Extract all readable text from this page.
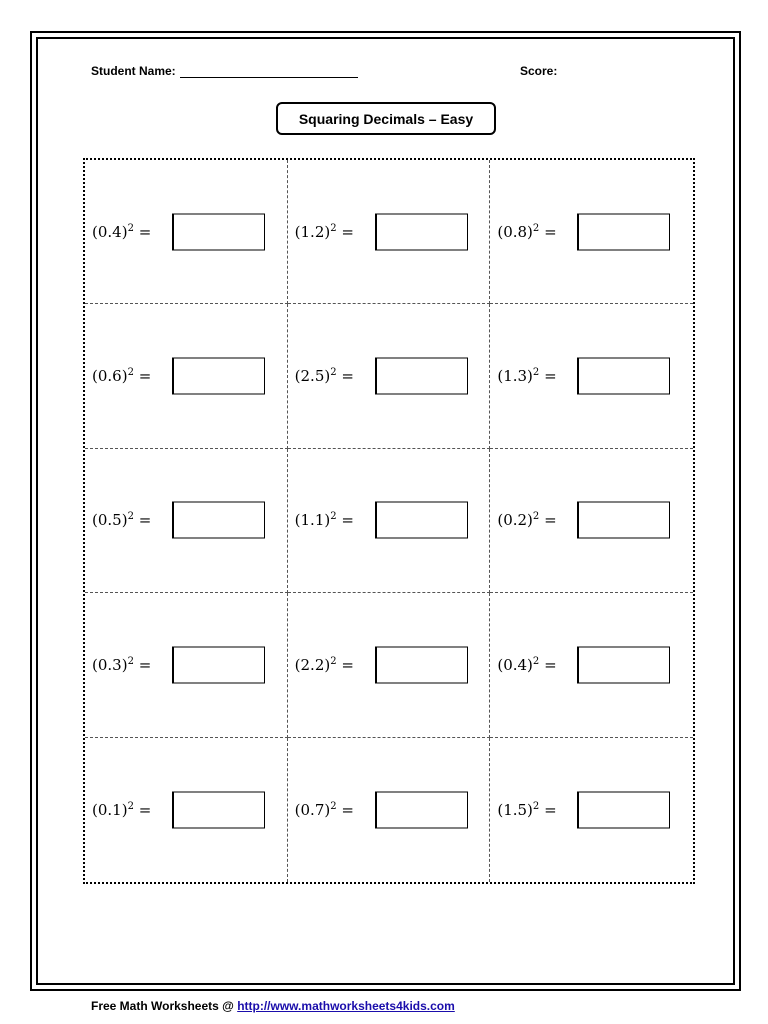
Student Name:	Score:
Squaring Decimals – Easy
$(0.4)^2$ =	$(1.2)^2$ =	$(0.8)^2$ =
$(0.6)^2$ =	$(2.5)^2$ =	$(1.3)^2$ =
$(0.5)^2$ =	$(1.1)^2$ =	$(0.2)^2$ =
$(0.3)^2$ =	$(2.2)^2$ =	$(0.4)^2$ =
$(0.1)^2$ =	$(0.7)^2$ =	$(1.5)^2$ =
Free Math Worksheets @ http://www.mathworksheets4kids.com
